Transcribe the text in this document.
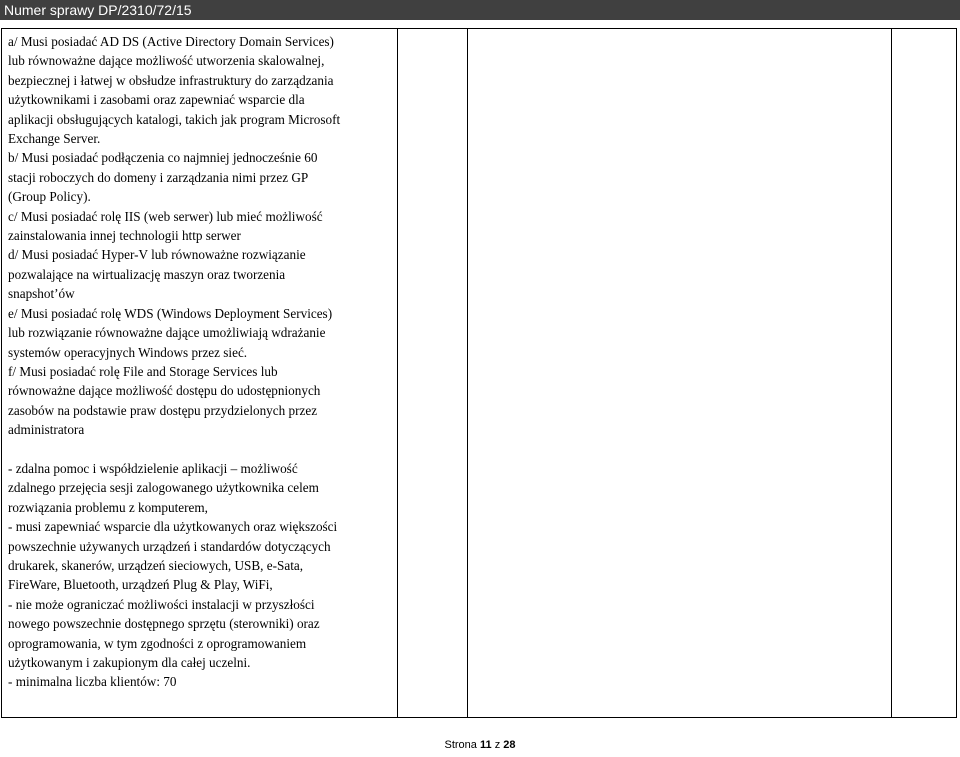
Numer sprawy DP/2310/72/15
a/ Musi posiadać AD DS (Active Directory Domain Services)
lub równoważne dające możliwość utworzenia skalowalnej,
bezpiecznej i łatwej w obsłudze infrastruktury do zarządzania
użytkownikami i zasobami oraz zapewniać wsparcie dla
aplikacji obsługujących katalogi, takich jak program Microsoft
Exchange Server.
b/ Musi posiadać podłączenia co najmniej jednocześnie 60
stacji roboczych do domeny i zarządzania nimi przez GP
(Group Policy).
c/ Musi posiadać rolę IIS (web serwer) lub mieć możliwość
zainstalowania innej technologii http serwer
d/ Musi posiadać Hyper-V lub równoważne rozwiązanie
pozwalające na wirtualizację maszyn oraz tworzenia
snapshot’ów
e/ Musi posiadać rolę WDS (Windows Deployment Services)
lub rozwiązanie równoważne dające umożliwiają wdrażanie
systemów operacyjnych Windows przez sieć.
f/ Musi posiadać rolę File and Storage Services lub
równoważne dające możliwość dostępu do udostępnionych
zasobów na podstawie praw dostępu przydzielonych przez
administratora
- zdalna pomoc i współdzielenie aplikacji – możliwość
zdalnego przejęcia sesji zalogowanego użytkownika celem
rozwiązania problemu z komputerem,
- musi zapewniać wsparcie dla użytkowanych oraz większości
powszechnie używanych urządzeń i standardów dotyczących
drukarek, skanerów, urządzeń sieciowych, USB, e-Sata,
FireWare, Bluetooth, urządzeń Plug & Play, WiFi,
- nie może ograniczać możliwości instalacji w przyszłości
nowego powszechnie dostępnego sprzętu (sterowniki) oraz
oprogramowania, w tym zgodności z oprogramowaniem
użytkowanym i zakupionym dla całej uczelni.
- minimalna liczba klientów: 70
Strona 11 z 28
